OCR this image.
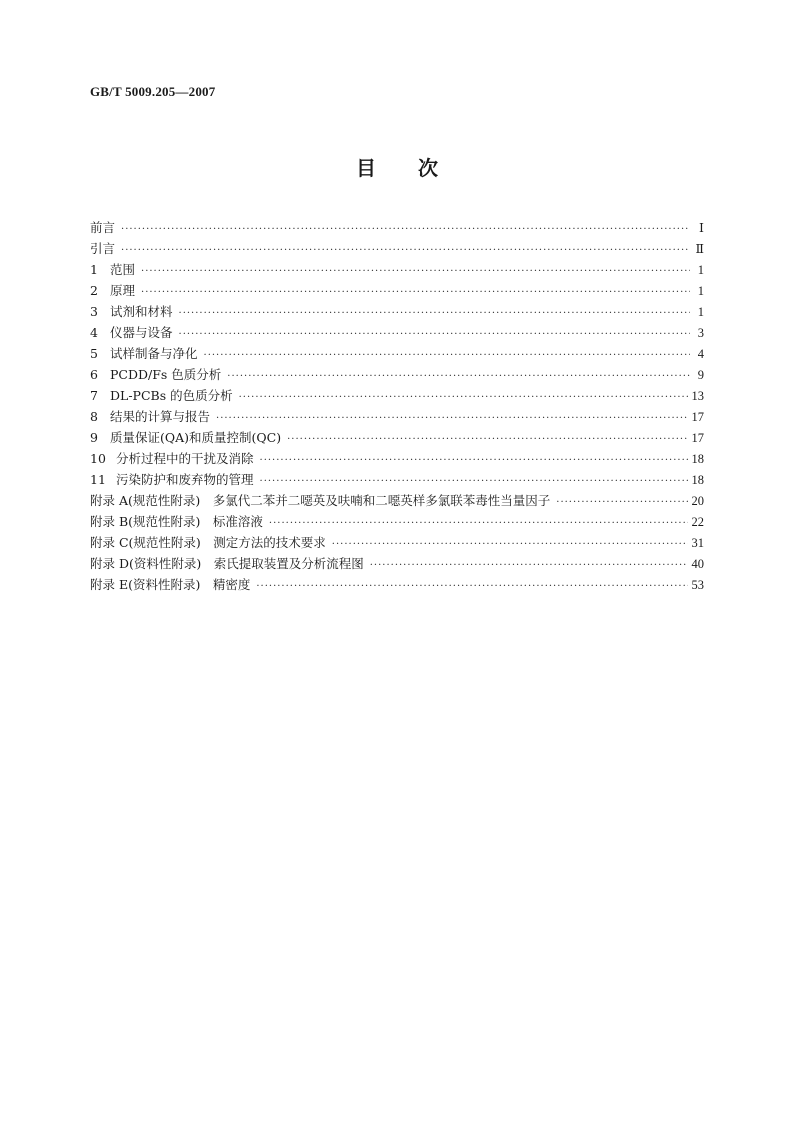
GB/T 5009.205—2007
目 次
前言 ·····	Ⅰ
引言 ·····	Ⅱ
1 范围 ·····	1
2 原理 ·····	1
3 试剂和材料 ·····	1
4 仪器与设备 ·····	3
5 试样制备与净化 ·····	4
6 PCDD/Fs 色质分析 ·····	9
7 DL-PCBs 的色质分析 ·····	13
8 结果的计算与报告 ·····	17
9 质量保证(QA)和质量控制(QC) ·····	17
10 分析过程中的干扰及消除 ·····	18
11 污染防护和废弃物的管理 ·····	18
附录 A(规范性附录)　多氯代二苯并二噁英及呋喃和二噁英样多氯联苯毒性当量因子 ·····	20
附录 B(规范性附录)　标准溶液 ·····	22
附录 C(规范性附录)　测定方法的技术要求 ·····	31
附录 D(资料性附录)　索氏提取装置及分析流程图 ·····	40
附录 E(资料性附录)　精密度 ·····	53
